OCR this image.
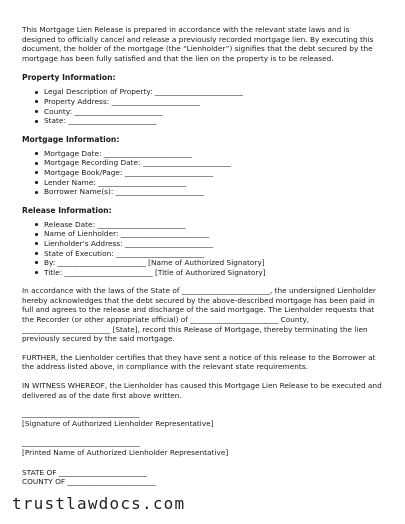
This Mortgage Lien Release is prepared in accordance with the relevant state laws and is designed to officially cancel and release a previously recorded mortgage lien. By executing this document, the holder of the mortgage (the “Lienholder”) signifies that the debt secured by the mortgage has been fully satisfied and that the lien on the property is to be released.

Property Information:
Legal Description of Property: ________________________
Property Address: ________________________
County: ________________________
State: ________________________
Mortgage Information:
Mortgage Date: ________________________
Mortgage Recording Date: ________________________
Mortgage Book/Page: ________________________
Lender Name: ________________________
Borrower Name(s): ________________________
Release Information:
Release Date: ________________________
Name of Lienholder: ________________________
Lienholder's Address: ________________________
State of Execution: ________________________
By: ________________________ [Name of Authorized Signatory]
Title: ________________________ [Title of Authorized Signatory]

In accordance with the laws of the State of ________________________, the undersigned Lienholder hereby acknowledges that the debt secured by the above-described mortgage has been paid in full and agrees to the release and discharge of the said mortgage. The Lienholder requests that the Recorder (or other appropriate official) of ________________________ County, ________________________ [State], record this Release of Mortgage, thereby terminating the lien previously secured by the said mortgage.

FURTHER, the Lienholder certifies that they have sent a notice of this release to the Borrower at the address listed above, in compliance with the relevant state requirements.

IN WITNESS WHEREOF, the Lienholder has caused this Mortgage Lien Release to be executed and delivered as of the date first above written.

________________________________

[Signature of Authorized Lienholder Representative]

________________________________

[Printed Name of Authorized Lienholder Representative]

STATE OF ________________________

COUNTY OF ________________________

trustlawdocs.com
